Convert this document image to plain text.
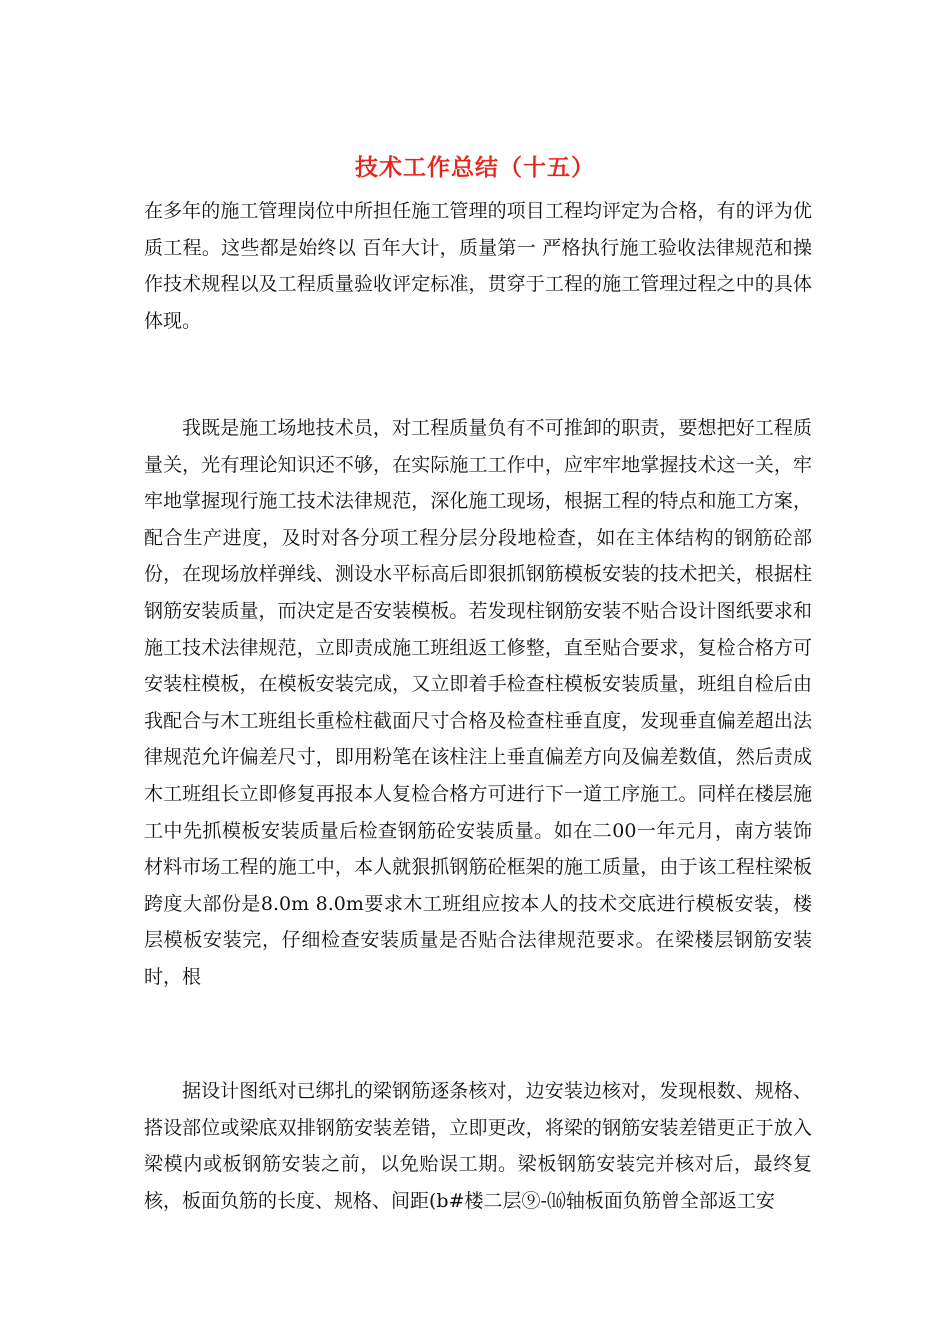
技术工作总结（十五）

在多年的施工管理岗位中所担任施工管理的项目工程均评定为合格，有的评为优质工程。这些都是始终以 百年大计，质量第一 严格执行施工验收法律规范和操作技术规程以及工程质量验收评定标准，贯穿于工程的施工管理过程之中的具体体现。

我既是施工场地技术员，对工程质量负有不可推卸的职责，要想把好工程质量关，光有理论知识还不够，在实际施工工作中，应牢牢地掌握技术这一关，牢牢地掌握现行施工技术法律规范，深化施工现场，根据工程的特点和施工方案，配合生产进度，及时对各分项工程分层分段地检查，如在主体结构的钢筋砼部份，在现场放样弹线、测设水平标高后即狠抓钢筋模板安装的技术把关，根据柱钢筋安装质量，而决定是否安装模板。若发现柱钢筋安装不贴合设计图纸要求和施工技术法律规范，立即责成施工班组返工修整，直至贴合要求，复检合格方可安装柱模板，在模板安装完成，又立即着手检查柱模板安装质量，班组自检后由我配合与木工班组长重检柱截面尺寸合格及检查柱垂直度，发现垂直偏差超出法律规范允许偏差尺寸，即用粉笔在该柱注上垂直偏差方向及偏差数值，然后责成木工班组长立即修复再报本人复检合格方可进行下一道工序施工。同样在楼层施工中先抓模板安装质量后检查钢筋砼安装质量。如在二00一年元月，南方装饰材料市场工程的施工中，本人就狠抓钢筋砼框架的施工质量，由于该工程柱梁板跨度大部份是8.0m 8.0m要求木工班组应按本人的技术交底进行模板安装，楼层模板安装完，仔细检查安装质量是否贴合法律规范要求。在梁楼层钢筋安装时，根

据设计图纸对已绑扎的梁钢筋逐条核对，边安装边核对，发现根数、规格、搭设部位或梁底双排钢筋安装差错，立即更改，将梁的钢筋安装差错更正于放入梁模内或板钢筋安装之前，以免贻误工期。梁板钢筋安装完并核对后，最终复核，板面负筋的长度、规格、间距(b#楼二层⑨-⒃轴板面负筋曾全部返工安
